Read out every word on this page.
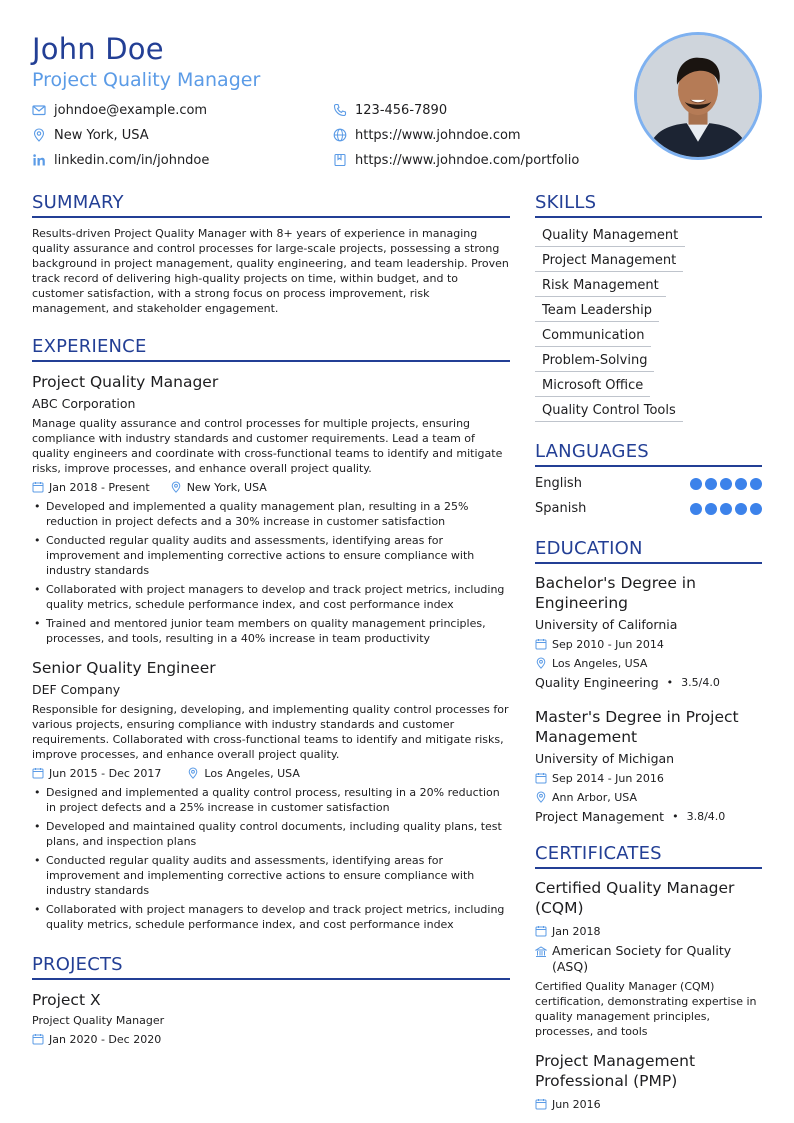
John Doe
Project Quality Manager
johndoe@example.com	123-456-7890
New York, USA	https://www.johndoe.com
linkedin.com/in/johndoe	https://www.johndoe.com/portfolio
SUMMARY
Results-driven Project Quality Manager with 8+ years of experience in managing quality assurance and control processes for large-scale projects, possessing a strong background in project management, quality engineering, and team leadership. Proven track record of delivering high-quality projects on time, within budget, and to customer satisfaction, with a strong focus on process improvement, risk management, and stakeholder engagement.
EXPERIENCE
Project Quality Manager
ABC Corporation
Manage quality assurance and control processes for multiple projects, ensuring compliance with industry standards and customer requirements. Lead a team of quality engineers and coordinate with cross-functional teams to identify and mitigate risks, improve processes, and enhance overall project quality.
Jan 2018 - Present	New York, USA
• Developed and implemented a quality management plan, resulting in a 25% reduction in project defects and a 30% increase in customer satisfaction
• Conducted regular quality audits and assessments, identifying areas for improvement and implementing corrective actions to ensure compliance with industry standards
• Collaborated with project managers to develop and track project metrics, including quality metrics, schedule performance index, and cost performance index
• Trained and mentored junior team members on quality management principles, processes, and tools, resulting in a 40% increase in team productivity
Senior Quality Engineer
DEF Company
Responsible for designing, developing, and implementing quality control processes for various projects, ensuring compliance with industry standards and customer requirements. Collaborated with cross-functional teams to identify and mitigate risks, improve processes, and enhance overall project quality.
Jun 2015 - Dec 2017	Los Angeles, USA
• Designed and implemented a quality control process, resulting in a 20% reduction in project defects and a 25% increase in customer satisfaction
• Developed and maintained quality control documents, including quality plans, test plans, and inspection plans
• Conducted regular quality audits and assessments, identifying areas for improvement and implementing corrective actions to ensure compliance with industry standards
• Collaborated with project managers to develop and track project metrics, including quality metrics, schedule performance index, and cost performance index
PROJECTS
Project X
Project Quality Manager
Jan 2020 - Dec 2020
SKILLS
Quality Management
Project Management
Risk Management
Team Leadership
Communication
Problem-Solving
Microsoft Office
Quality Control Tools
LANGUAGES
English
Spanish
EDUCATION
Bachelor's Degree in Engineering
University of California
Sep 2010 - Jun 2014
Los Angeles, USA
Quality Engineering • 3.5/4.0
Master's Degree in Project Management
University of Michigan
Sep 2014 - Jun 2016
Ann Arbor, USA
Project Management • 3.8/4.0
CERTIFICATES
Certified Quality Manager (CQM)
Jan 2018
American Society for Quality (ASQ)
Certified Quality Manager (CQM) certification, demonstrating expertise in quality management principles, processes, and tools
Project Management Professional (PMP)
Jun 2016
